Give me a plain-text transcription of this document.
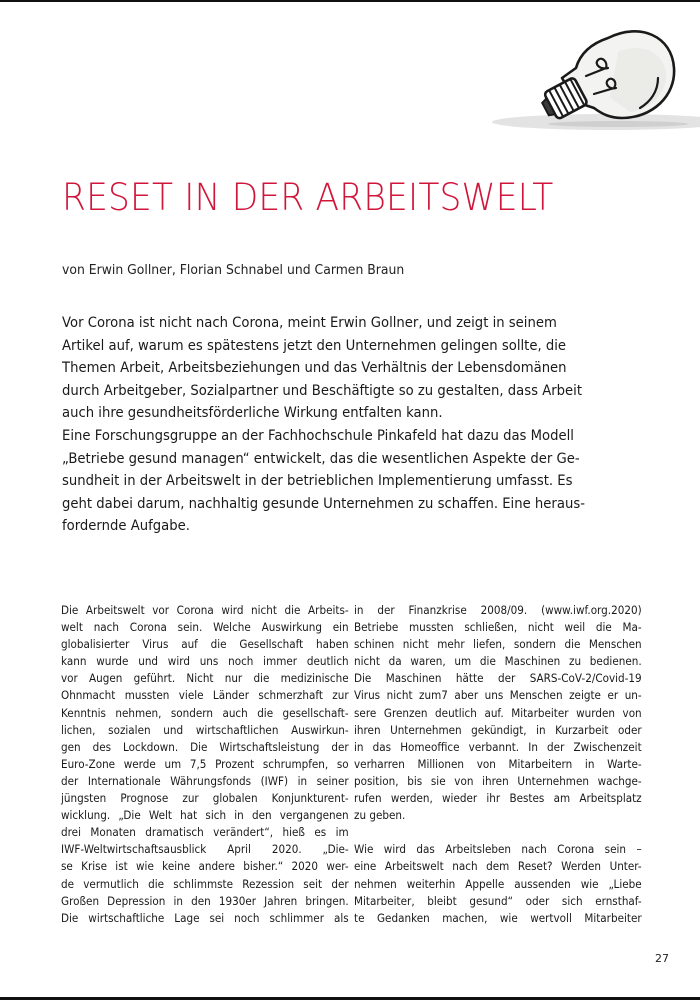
RESET IN DER ARBEITSWELT
von Erwin Gollner, Florian Schnabel und Carmen Braun
Vor Corona ist nicht nach Corona, meint Erwin Gollner, und zeigt in seinem
Artikel auf, warum es spätestens jetzt den Unternehmen gelingen sollte, die
Themen Arbeit, Arbeitsbeziehungen und das Verhältnis der Lebensdomänen
durch Arbeitgeber, Sozialpartner und Beschäftigte so zu gestalten, dass Arbeit
auch ihre gesundheitsförderliche Wirkung entfalten kann.
Eine Forschungsgruppe an der Fachhochschule Pinkafeld hat dazu das Modell
„Betriebe gesund managen“ entwickelt, das die wesentlichen Aspekte der Ge-
sundheit in der Arbeitswelt in der betrieblichen Implementierung umfasst. Es
geht dabei darum, nachhaltig gesunde Unternehmen zu schaffen. Eine heraus-
fordernde Aufgabe.
Die Arbeitswelt vor Corona wird nicht die Arbeits-
welt nach Corona sein. Welche Auswirkung ein
globalisierter Virus auf die Gesellschaft haben
kann wurde und wird uns noch immer deutlich
vor Augen geführt. Nicht nur die medizinische
Ohnmacht mussten viele Länder schmerzhaft zur
Kenntnis nehmen, sondern auch die gesellschaft-
lichen, sozialen und wirtschaftlichen Auswirkun-
gen des Lockdown. Die Wirtschaftsleistung der
Euro-Zone werde um 7,5 Prozent schrumpfen, so
der Internationale Währungsfonds (IWF) in seiner
jüngsten Prognose zur globalen Konjunkturent-
wicklung. „Die Welt hat sich in den vergangenen
drei Monaten dramatisch verändert“, hieß es im
IWF-Weltwirtschaftsausblick April 2020. „Die-
se Krise ist wie keine andere bisher.“ 2020 wer-
de vermutlich die schlimmste Rezession seit der
Großen Depression in den 1930er Jahren bringen.
Die wirtschaftliche Lage sei noch schlimmer als
in der Finanzkrise 2008/09. (www.iwf.org.2020)
Betriebe mussten schließen, nicht weil die Ma-
schinen nicht mehr liefen, sondern die Menschen
nicht da waren, um die Maschinen zu bedienen.
Die Maschinen hätte der SARS-CoV-2/Covid-19
Virus nicht zum7 aber uns Menschen zeigte er un-
sere Grenzen deutlich auf. Mitarbeiter wurden von
ihren Unternehmen gekündigt, in Kurzarbeit oder
in das Homeoffice verbannt. In der Zwischenzeit
verharren Millionen von Mitarbeitern in Warte-
position, bis sie von ihren Unternehmen wachge-
rufen werden, wieder ihr Bestes am Arbeitsplatz
zu geben.
Wie wird das Arbeitsleben nach Corona sein –
eine Arbeitswelt nach dem Reset? Werden Unter-
nehmen weiterhin Appelle aussenden wie „Liebe
Mitarbeiter, bleibt gesund“ oder sich ernsthaf-
te Gedanken machen, wie wertvoll Mitarbeiter
27
